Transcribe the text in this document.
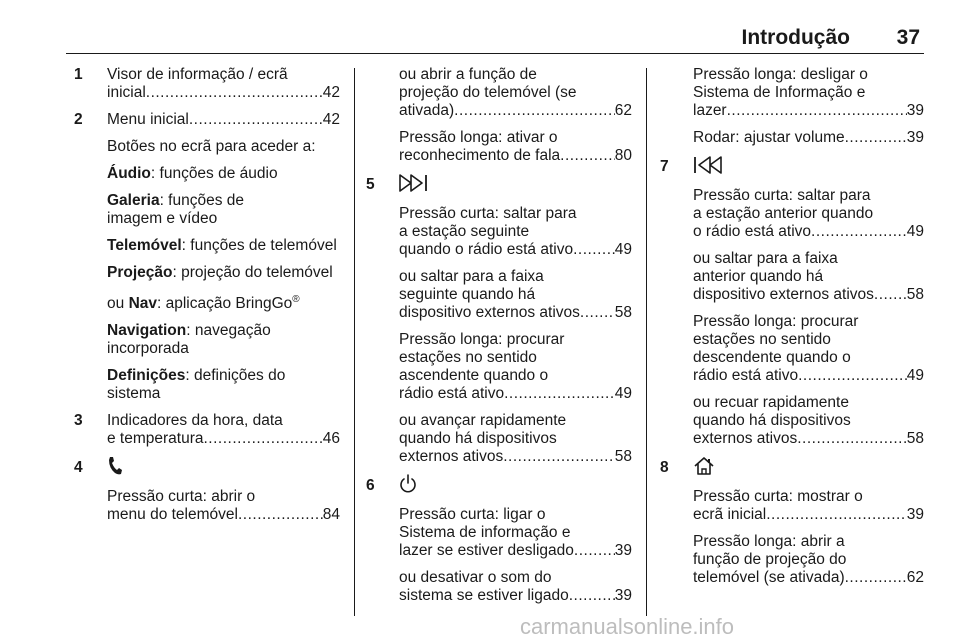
Introdução 37
1 Visor de informação / ecrã
inicial .....	42
2 Menu inicial .....	42
Botões no ecrã para aceder a:
Áudio: funções de áudio
Galeria: funções de
imagem e vídeo
Telemóvel: funções de telemóvel
Projeção: projeção do telemóvel
ou Nav: aplicação BringGo®
Navigation: navegação
incorporada
Definições: definições do
sistema
3 Indicadores da hora, data
e temperatura .....	46
4
Pressão curta: abrir o
menu do telemóvel .....	84
ou abrir a função de
projeção do telemóvel (se
ativada) .....	62
Pressão longa: ativar o
reconhecimento de fala .....	80
5
Pressão curta: saltar para
a estação seguinte
quando o rádio está ativo .....	49
ou saltar para a faixa
seguinte quando há
dispositivo externos ativos ..... 58
Pressão longa: procurar
estações no sentido
ascendente quando o
rádio está ativo .....	49
ou avançar rapidamente
quando há dispositivos
externos ativos .....	58
6
Pressão curta: ligar o
Sistema de informação e
lazer se estiver desligado .....	39
ou desativar o som do
sistema se estiver ligado .....	39
Pressão longa: desligar o
Sistema de Informação e
lazer .....	39
Rodar: ajustar volume .....	39
7
Pressão curta: saltar para
a estação anterior quando
o rádio está ativo .....	49
ou saltar para a faixa
anterior quando há
dispositivo externos ativos ..... 58
Pressão longa: procurar
estações no sentido
descendente quando o
rádio está ativo .....	49
ou recuar rapidamente
quando há dispositivos
externos ativos .....	58
8
Pressão curta: mostrar o
ecrã inicial .....	39
Pressão longa: abrir a
função de projeção do
telemóvel (se ativada) .....	62
carmanualsonline.info
